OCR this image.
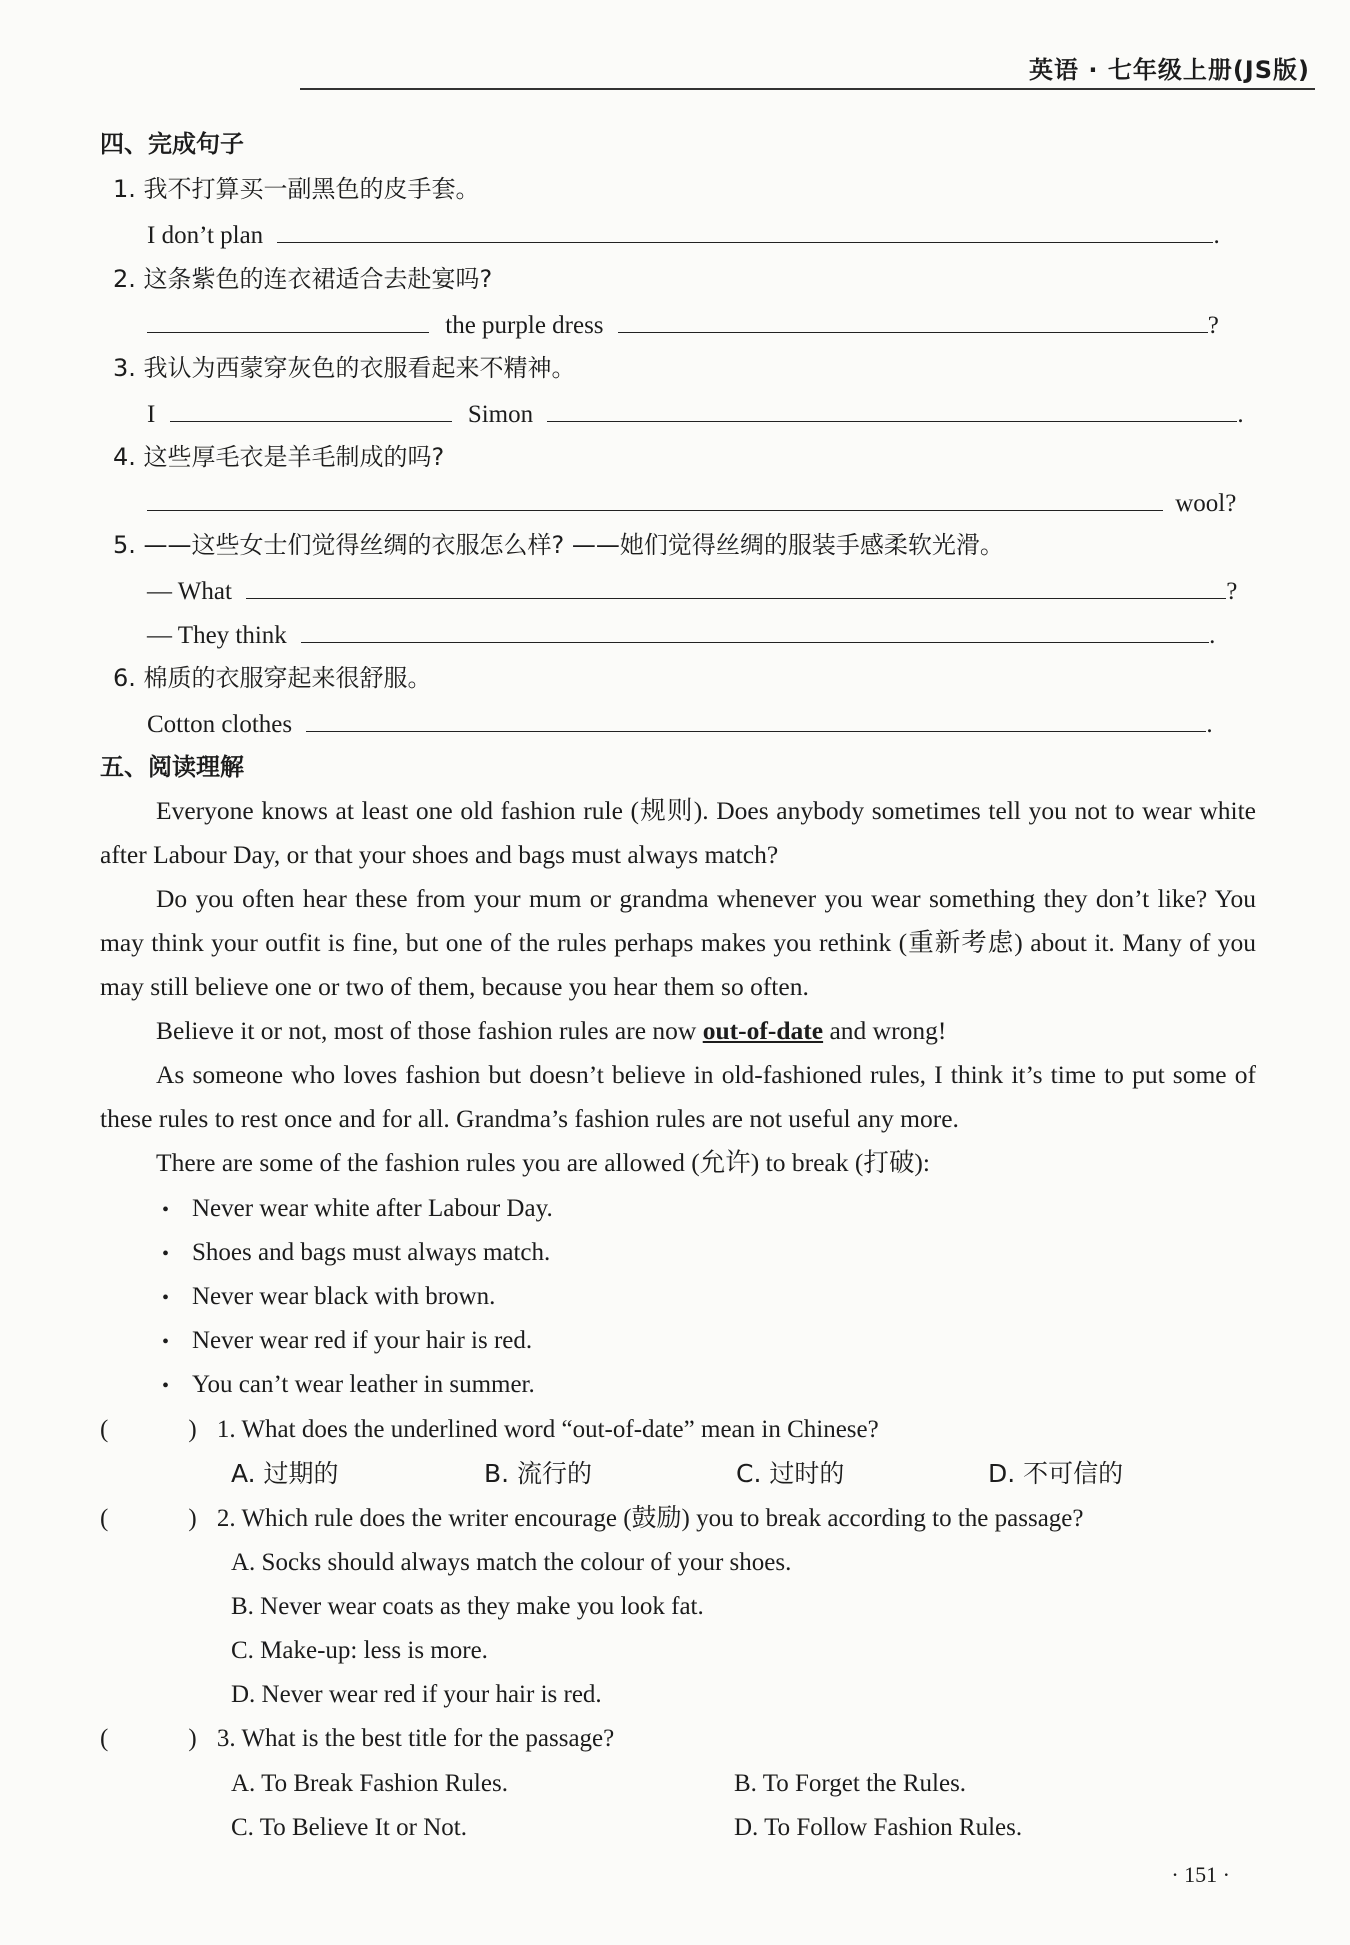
英语 · 七年级上册(JS版)
四、完成句子
1. 我不打算买一副黑色的皮手套。
I don’t plan	.
2. 这条紫色的连衣裙适合去赴宴吗?
the purple dress	?
3. 我认为西蒙穿灰色的衣服看起来不精神。
I	Simon	.
4. 这些厚毛衣是羊毛制成的吗?
wool?
5. ——这些女士们觉得丝绸的衣服怎么样? ——她们觉得丝绸的服装手感柔软光滑。
— What	?
— They think	.
6. 棉质的衣服穿起来很舒服。
Cotton clothes	.
五、阅读理解
Everyone knows at least one old fashion rule (规则). Does anybody sometimes tell you not to wear white after Labour Day, or that your shoes and bags must always match?
Do you often hear these from your mum or grandma whenever you wear something they don’t like? You may think your outfit is fine, but one of the rules perhaps makes you rethink (重新考虑) about it. Many of you may still believe one or two of them, because you hear them so often.
Believe it or not, most of those fashion rules are now out-of-date and wrong!
As someone who loves fashion but doesn’t believe in old-fashioned rules, I think it’s time to put some of these rules to rest once and for all. Grandma’s fashion rules are not useful any more.
There are some of the fashion rules you are allowed (允许) to break (打破):
• Never wear white after Labour Day.
• Shoes and bags must always match.
• Never wear black with brown.
• Never wear red if your hair is red.
• You can’t wear leather in summer.
(	) 1. What does the underlined word “out-of-date” mean in Chinese?
A. 过期的	B. 流行的	C. 过时的	D. 不可信的
(	) 2. Which rule does the writer encourage (鼓励) you to break according to the passage?
A. Socks should always match the colour of your shoes.
B. Never wear coats as they make you look fat.
C. Make-up: less is more.
D. Never wear red if your hair is red.
(	) 3. What is the best title for the passage?
A. To Break Fashion Rules.	B. To Forget the Rules.
C. To Believe It or Not.	D. To Follow Fashion Rules.
· 151 ·
